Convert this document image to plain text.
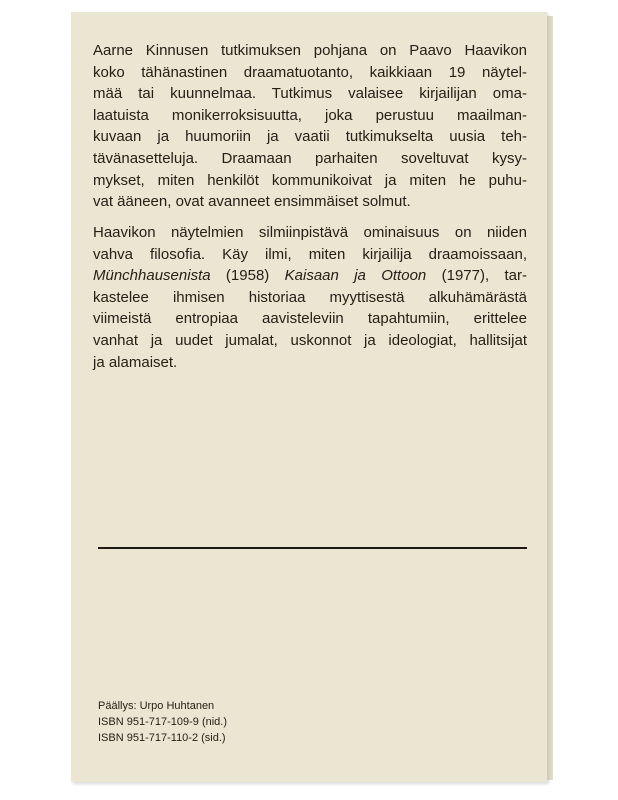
Aarne Kinnusen tutkimuksen pohjana on Paavo Haavikon
koko tähänastinen draamatuotanto, kaikkiaan 19 näytel-
mää tai kuunnelmaa. Tutkimus valaisee kirjailijan oma-
laatuista monikerroksisuutta, joka perustuu maailman-
kuvaan ja huumoriin ja vaatii tutkimukselta uusia teh-
tävänasetteluja. Draamaan parhaiten soveltuvat kysy-
mykset, miten henkilöt kommunikoivat ja miten he puhu-
vat ääneen, ovat avanneet ensimmäiset solmut.
Haavikon näytelmien silmiinpistävä ominaisuus on niiden
vahva filosofia. Käy ilmi, miten kirjailija draamoissaan,
Münchhausenista (1958) Kaisaan ja Ottoon (1977), tar-
kastelee ihmisen historiaa myyttisestä alkuhämärästä
viimeistä entropiaa aavisteleviin tapahtumiin, erittelee
vanhat ja uudet jumalat, uskonnot ja ideologiat, hallitsijat
ja alamaiset.
Päällys: Urpo Huhtanen
ISBN 951-717-109-9 (nid.)
ISBN 951-717-110-2 (sid.)
